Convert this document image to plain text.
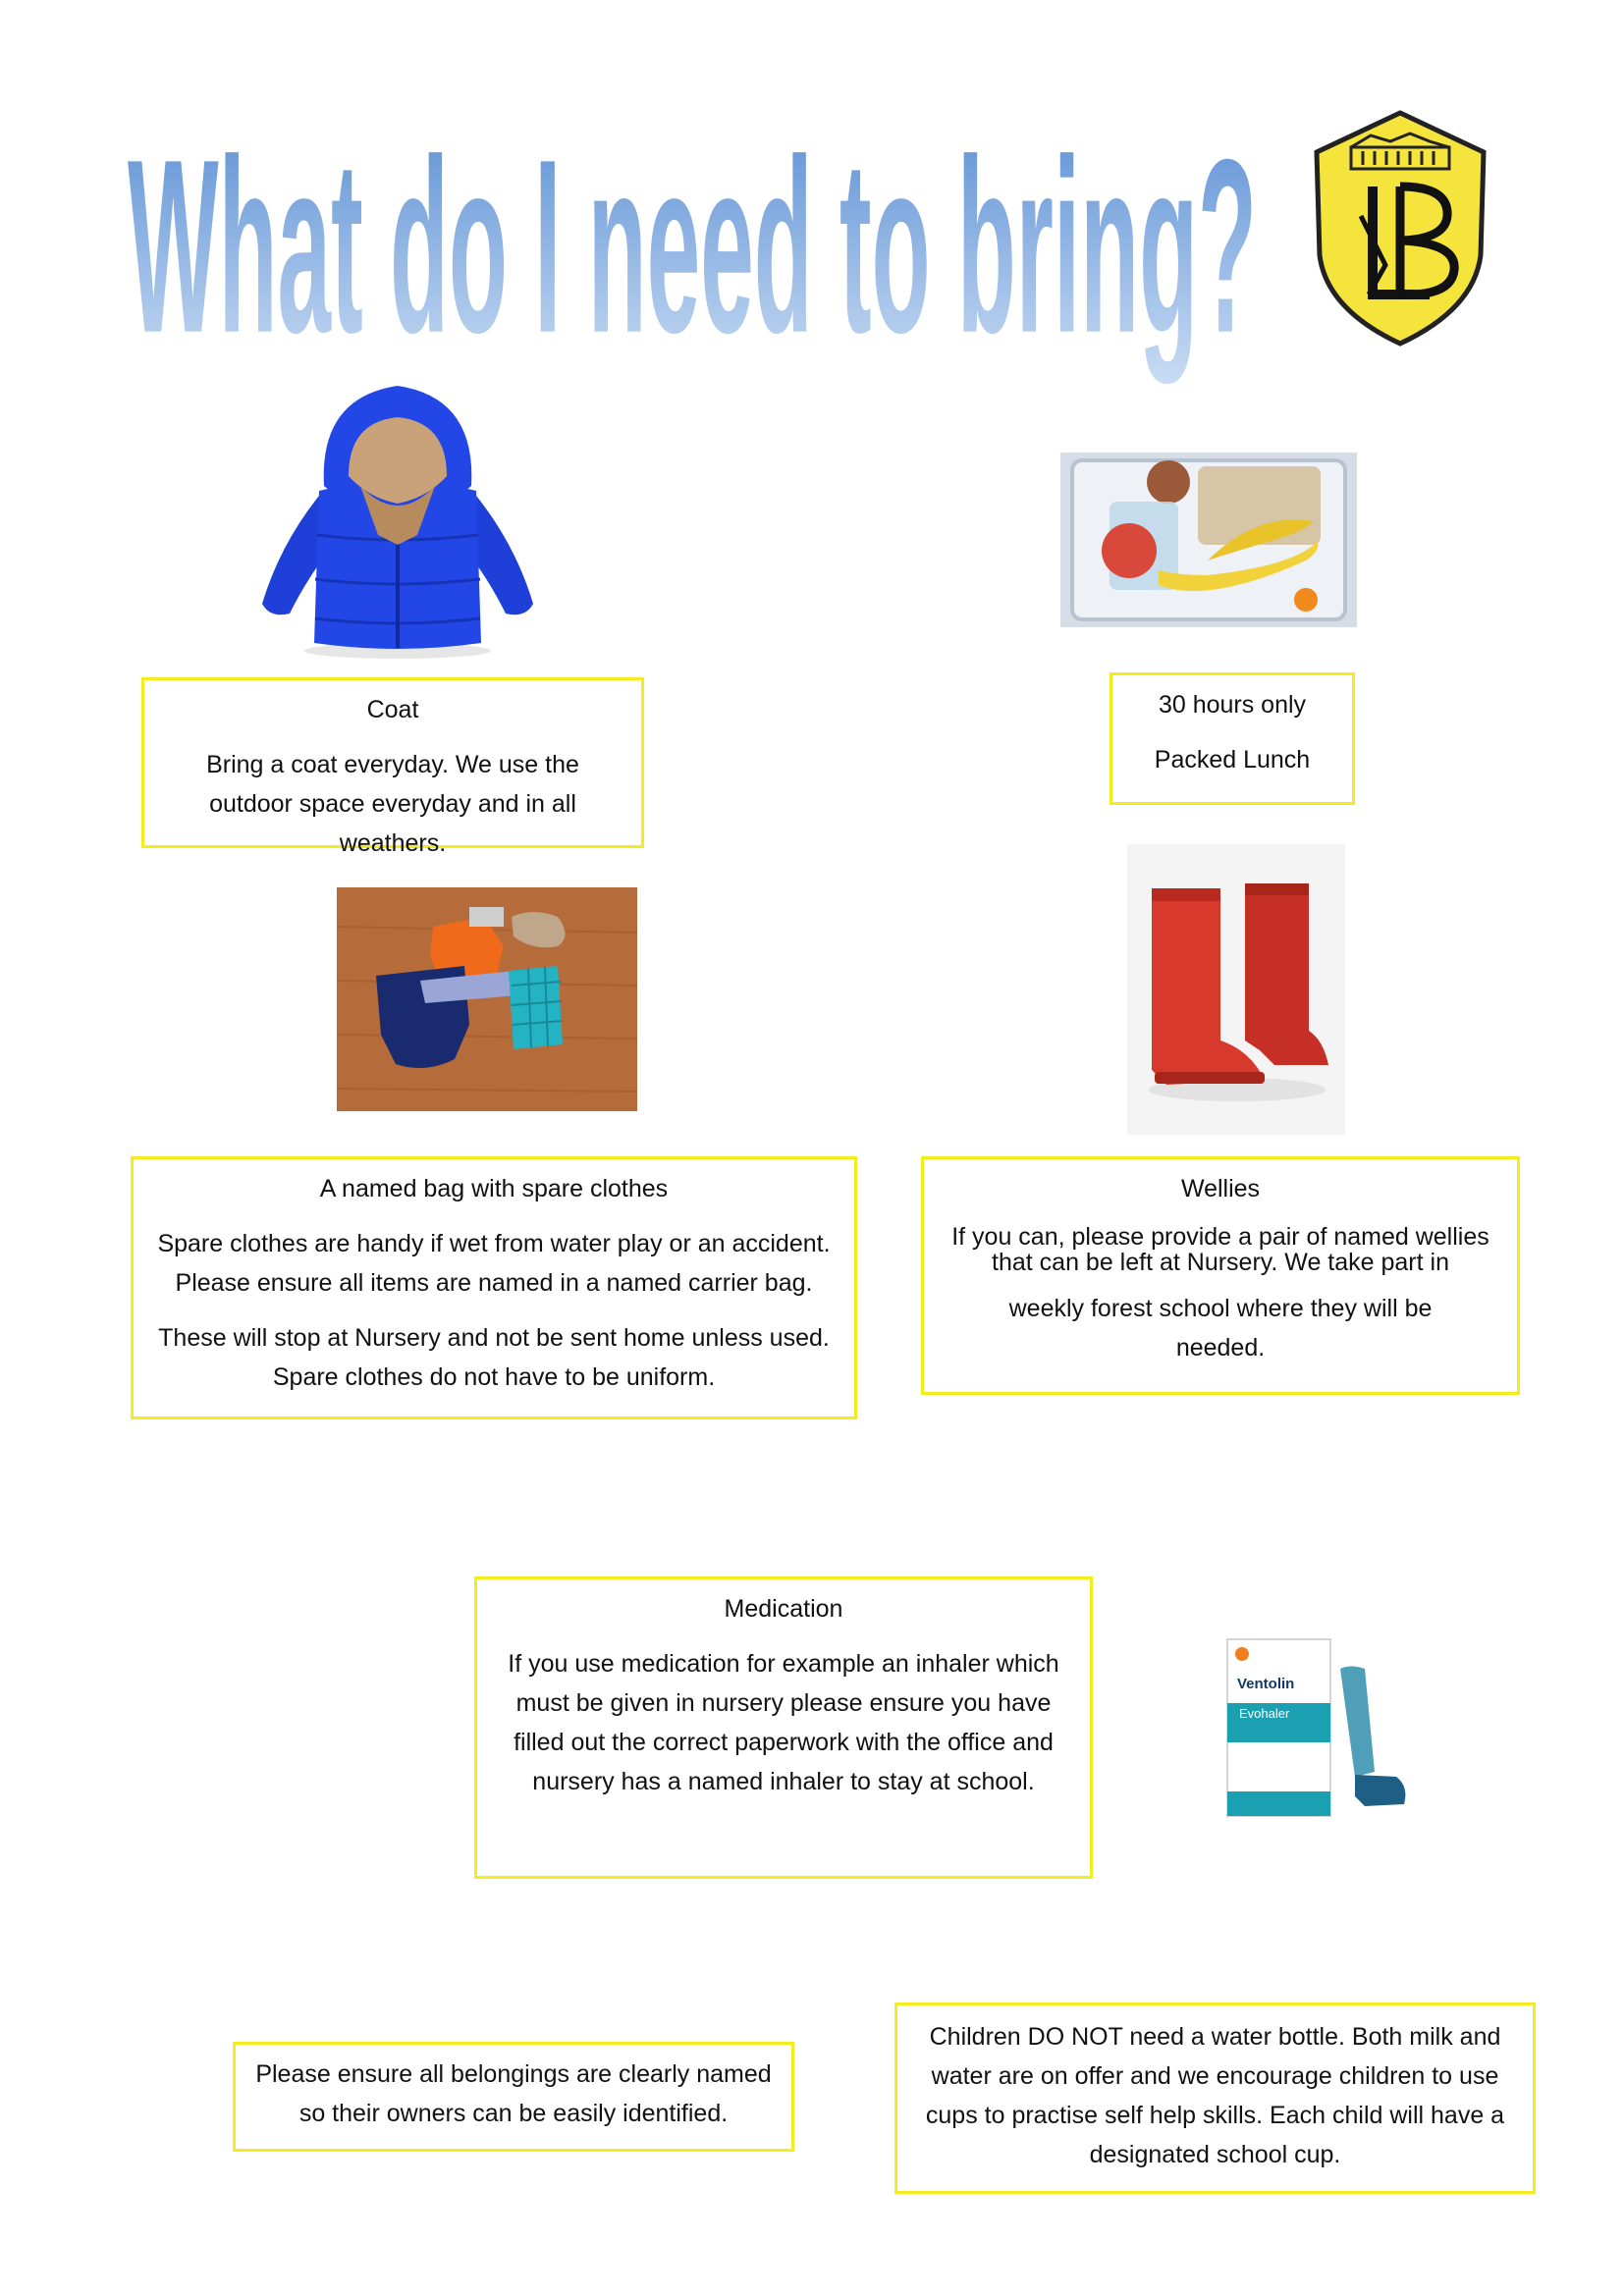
What do I need to bring?
Ventolin
Evohaler

Coat

Bring a coat everyday. We use the outdoor space everyday and in all weathers.

30 hours only

Packed Lunch

A named bag with spare clothes

Spare clothes are handy if wet from water play or an accident. Please ensure all items are named in a named carrier bag.

These will stop at Nursery and not be sent home unless used. Spare clothes do not have to be uniform.

Wellies

If you can, please provide a pair of named wellies

that can be left at Nursery. We take part in

weekly forest school where they will be

needed.

Medication

If you use medication for example an inhaler which must be given in nursery please ensure you have filled out the correct paperwork with the office and nursery has a named inhaler to stay at school.

Please ensure all belongings are clearly named so their owners can be easily identified.

Children DO NOT need a water bottle. Both milk and water are on offer and we encourage children to use cups to practise self help skills. Each child will have a designated school cup.
